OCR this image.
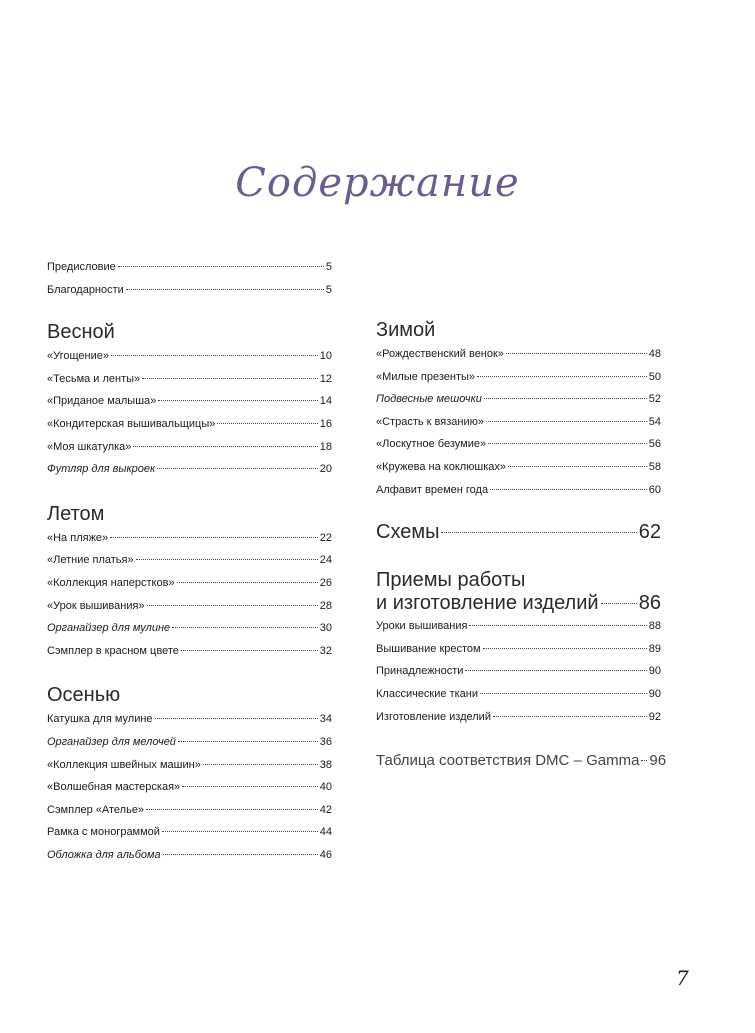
Содержание
Предисловие	5
Благодарности	5
Весной
«Угощение»	10
«Тесьма и ленты»	12
«Приданое малыша»	14
«Кондитерская вышивальщицы»	16
«Моя шкатулка»	18
Футляр для выкроек	20
Летом
«На пляже»	22
«Летние платья»	24
«Коллекция наперстков»	26
«Урок вышивания»	28
Органайзер для мулине	30
Сэмплер в красном цвете	32
Осенью
Катушка для мулине	34
Органайзер для мелочей	36
«Коллекция швейных машин»	38
«Волшебная мастерская»	40
Сэмплер «Ателье»	42
Рамка с монограммой	44
Обложка для альбома	46
Зимой
«Рождественский венок»	48
«Милые презенты»	50
Подвесные мешочки	52
«Страсть к вязанию»	54
«Лоскутное безумие»	56
«Кружева на коклюшках»	58
Алфавит времен года	60
Схемы	62
Приемы работы
и изготовление изделий 86
Уроки вышивания	88
Вышивание крестом	89
Принадлежности	90
Классические ткани	90
Изготовление изделий	92
Таблица соответствия DMC – Gamma 96
7
